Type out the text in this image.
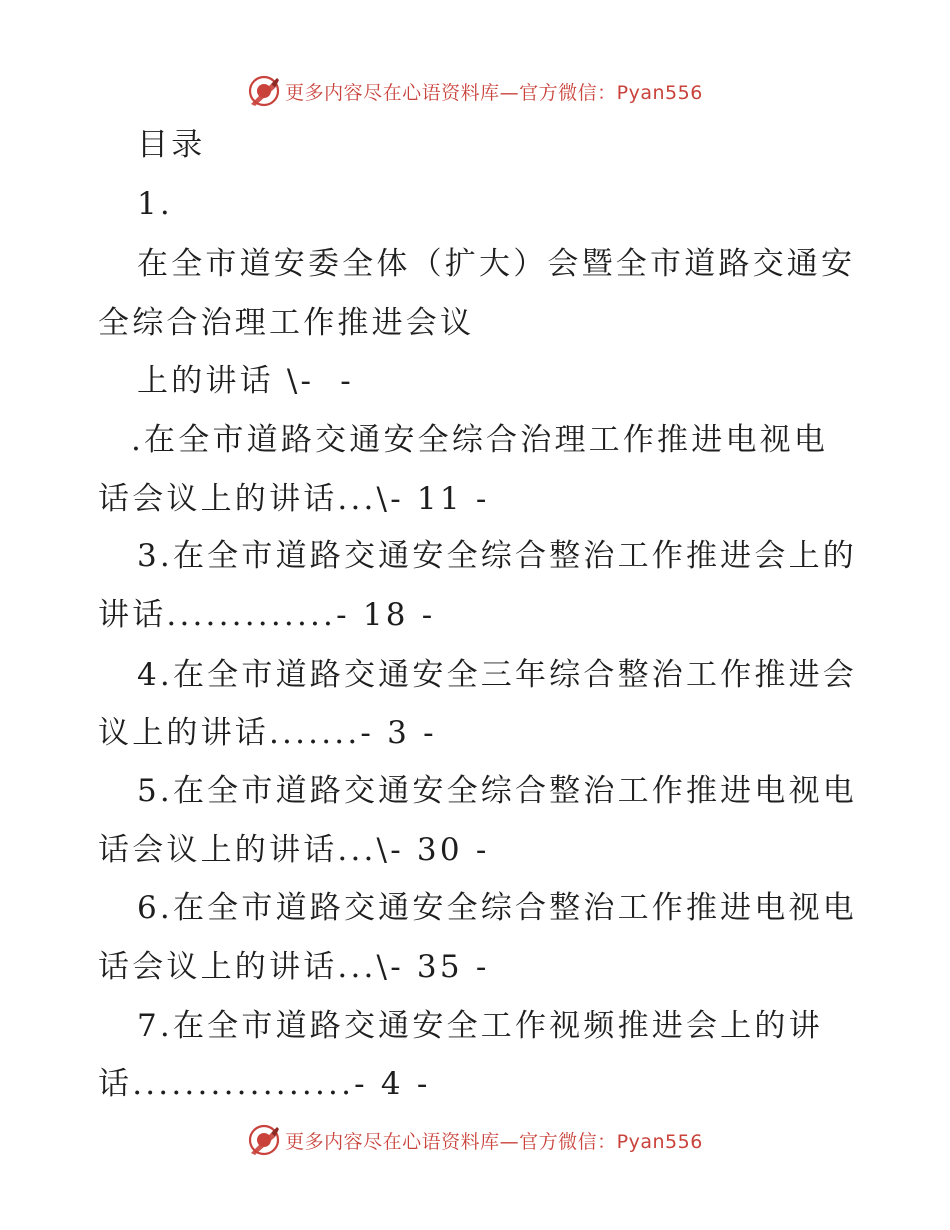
更多内容尽在心语资料库—官方微信：Pyan556

目录

1.

在全市道安委全体（扩大）会暨全市道路交通安

全综合治理工作推进会议

上的讲话 \-  -

.在全市道路交通安全综合治理工作推进电视电

话会议上的讲话...\- 11 -

3.在全市道路交通安全综合整治工作推进会上的

讲话.............- 18 -

4.在全市道路交通安全三年综合整治工作推进会

议上的讲话.......- 3 -

5.在全市道路交通安全综合整治工作推进电视电

话会议上的讲话...\- 30 -

6.在全市道路交通安全综合整治工作推进电视电

话会议上的讲话...\- 35 -

7.在全市道路交通安全工作视频推进会上的讲

话.................- 4 -

更多内容尽在心语资料库—官方微信：Pyan556
